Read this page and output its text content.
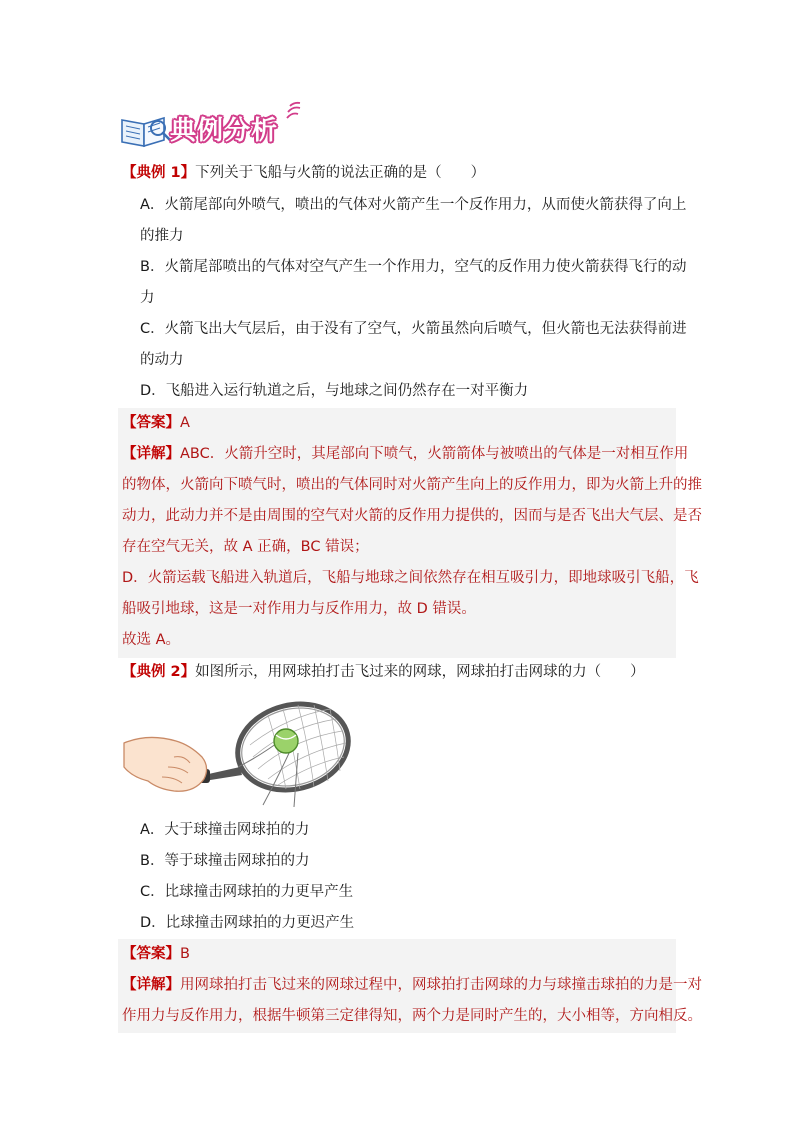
典例分析
【典例 1】下列关于飞船与火箭的说法正确的是（　　）
A．火箭尾部向外喷气，喷出的气体对火箭产生一个反作用力，从而使火箭获得了向上
的推力
B．火箭尾部喷出的气体对空气产生一个作用力，空气的反作用力使火箭获得飞行的动
力
C．火箭飞出大气层后，由于没有了空气，火箭虽然向后喷气，但火箭也无法获得前进
的动力
D．飞船进入运行轨道之后，与地球之间仍然存在一对平衡力
【答案】A
【详解】ABC．火箭升空时，其尾部向下喷气，火箭箭体与被喷出的气体是一对相互作用
的物体，火箭向下喷气时，喷出的气体同时对火箭产生向上的反作用力，即为火箭上升的推
动力，此动力并不是由周围的空气对火箭的反作用力提供的，因而与是否飞出大气层、是否
存在空气无关，故 A 正确，BC 错误；
D．火箭运载飞船进入轨道后，飞船与地球之间依然存在相互吸引力，即地球吸引飞船，飞
船吸引地球，这是一对作用力与反作用力，故 D 错误。
故选 A。
【典例 2】如图所示，用网球拍打击飞过来的网球，网球拍打击网球的力（　　）
A．大于球撞击网球拍的力
B．等于球撞击网球拍的力
C．比球撞击网球拍的力更早产生
D．比球撞击网球拍的力更迟产生
【答案】B
【详解】用网球拍打击飞过来的网球过程中，网球拍打击网球的力与球撞击球拍的力是一对
作用力与反作用力，根据牛顿第三定律得知，两个力是同时产生的，大小相等，方向相反。
